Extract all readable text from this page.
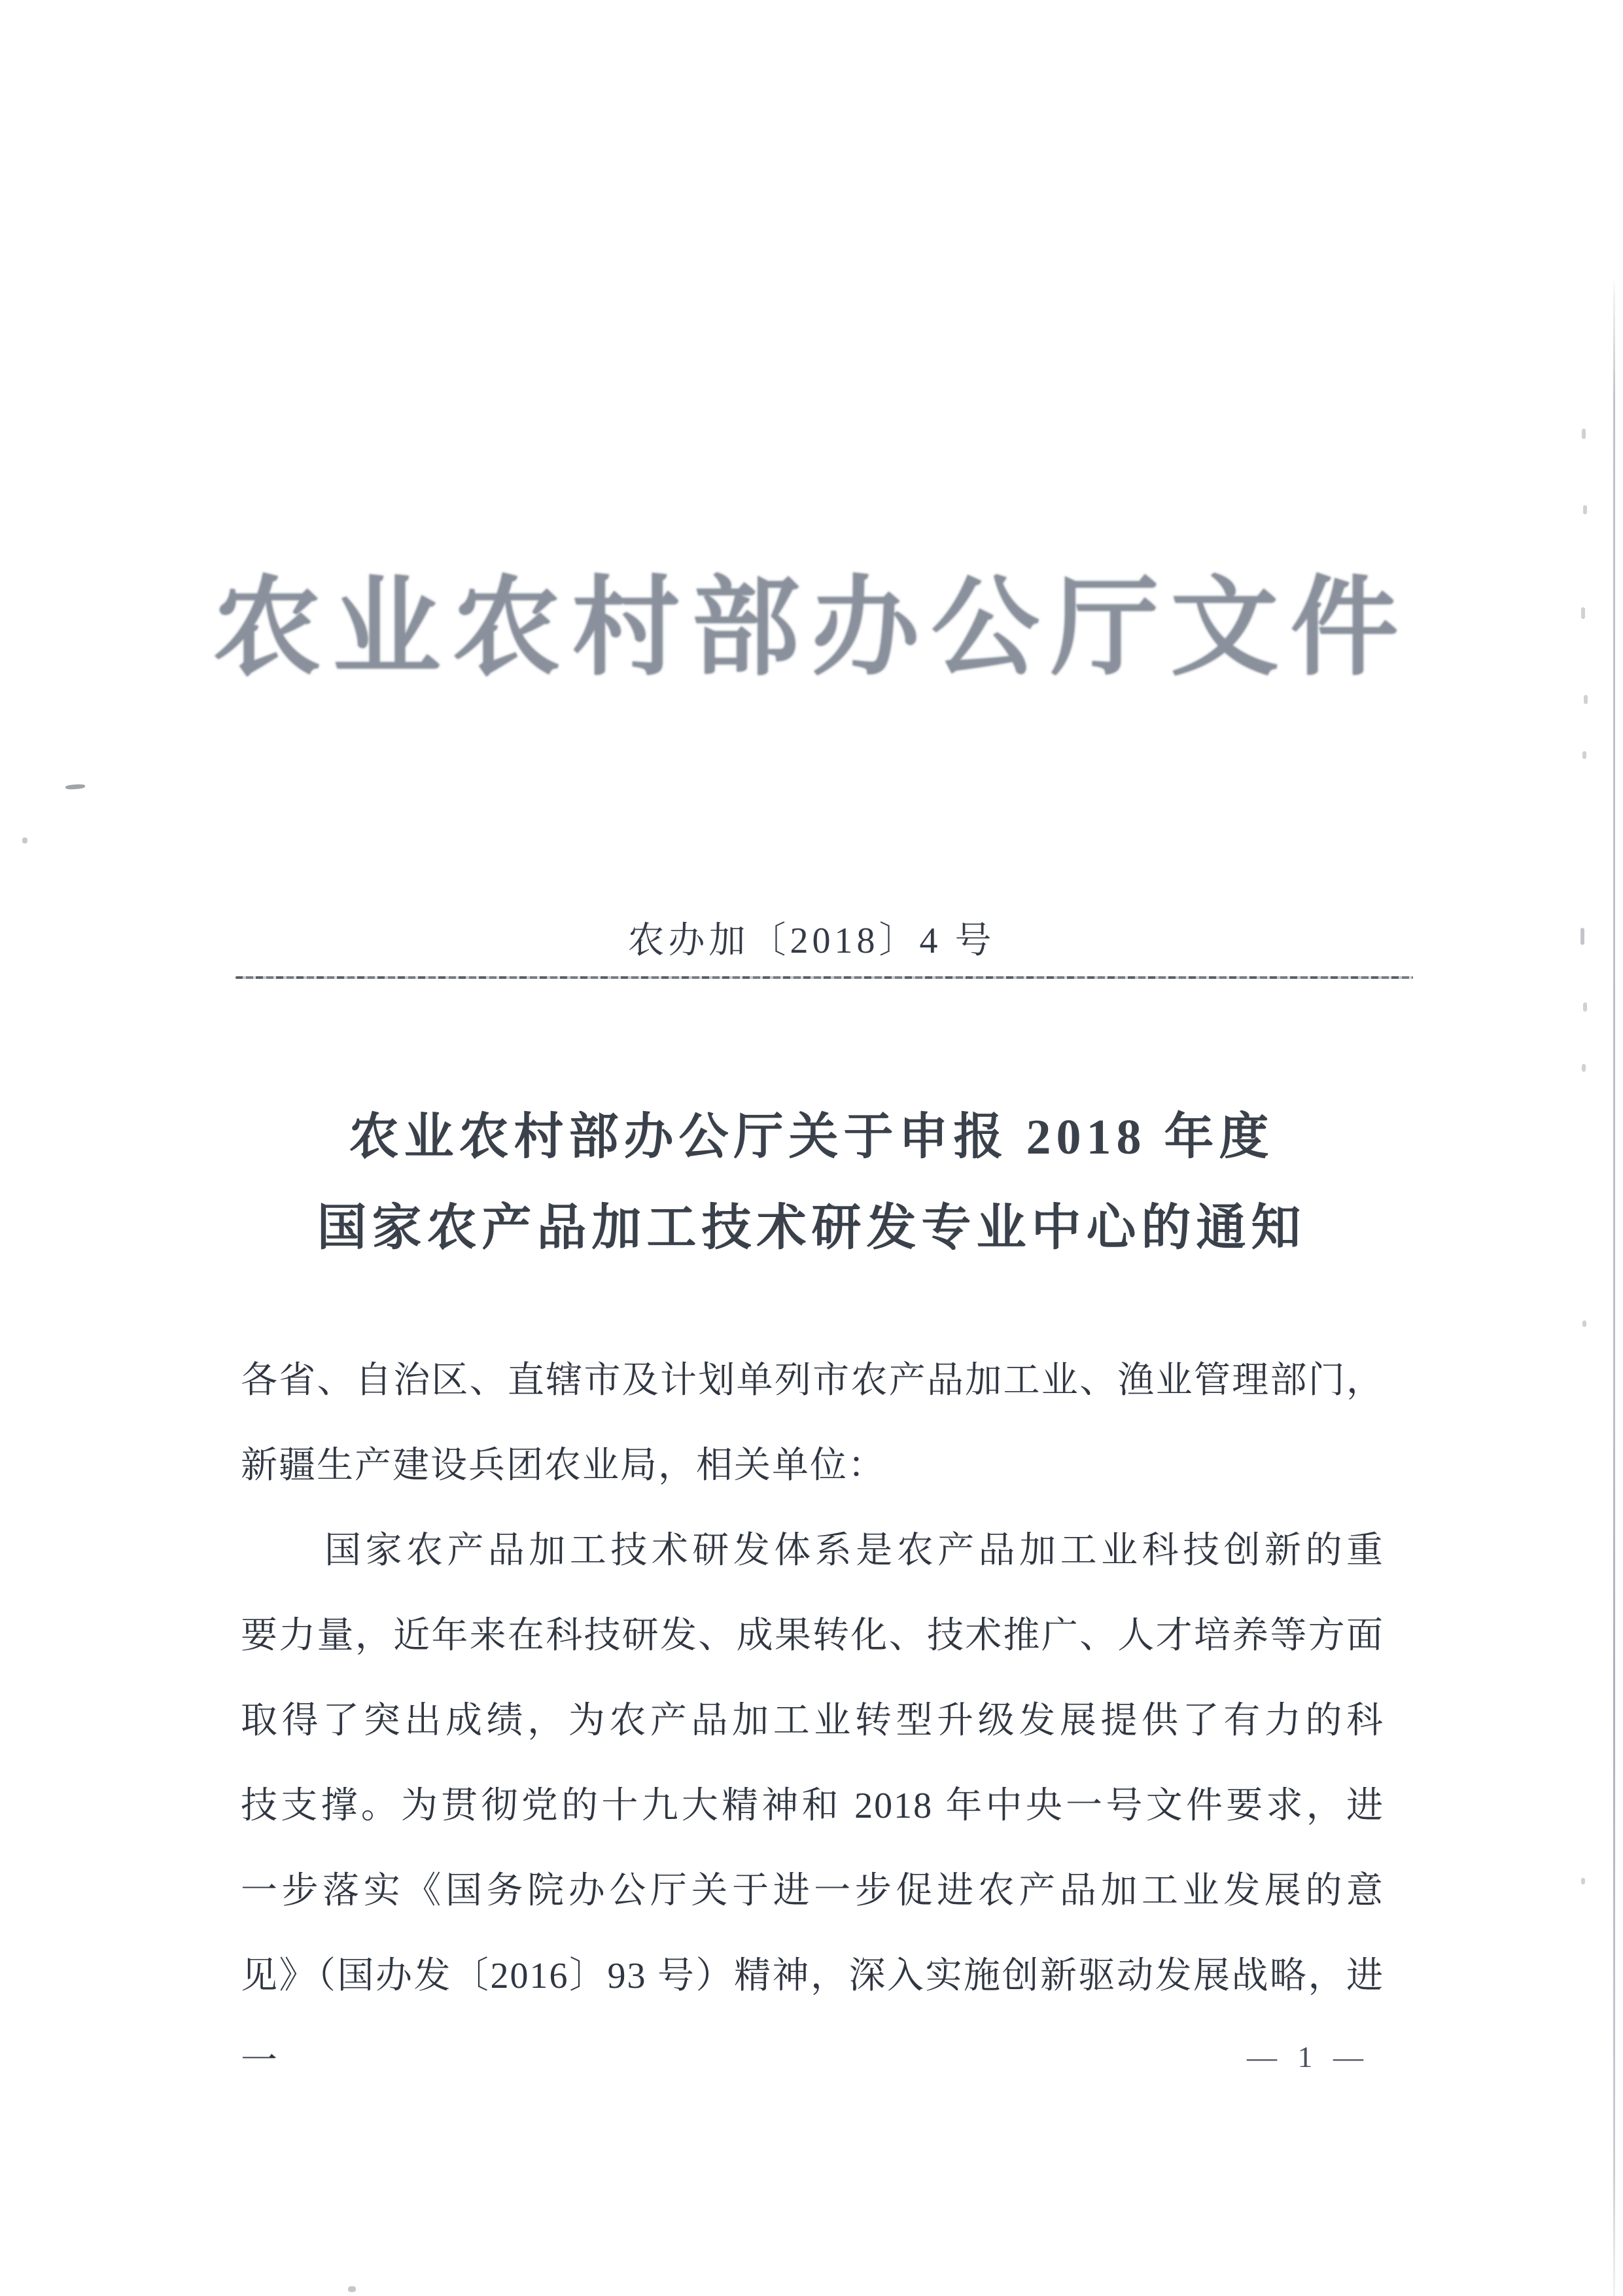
农业农村部办公厅文件
农办加〔2018〕4 号
农业农村部办公厅关于申报 2018 年度
国家农产品加工技术研发专业中心的通知
各省、自治区、直辖市及计划单列市农产品加工业、渔业管理部门，
新疆生产建设兵团农业局，相关单位：
国家农产品加工技术研发体系是农产品加工业科技创新的重
要力量，近年来在科技研发、成果转化、技术推广、人才培养等方面
取得了突出成绩，为农产品加工业转型升级发展提供了有力的科
技支撑。为贯彻党的十九大精神和 2018 年中央一号文件要求，进
一步落实《国务院办公厅关于进一步促进农产品加工业发展的意
见》（国办发〔2016〕93 号）精神，深入实施创新驱动发展战略，进一	— 1 —
